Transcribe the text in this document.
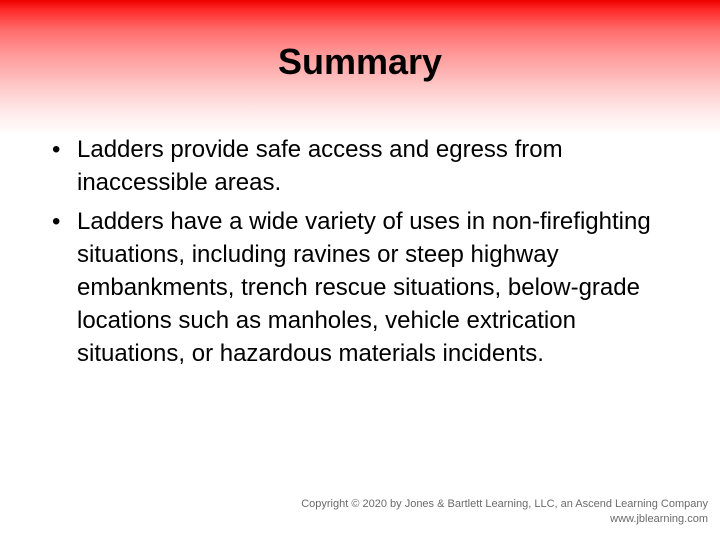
Summary
• Ladders provide safe access and egress from inaccessible areas.
• Ladders have a wide variety of uses in non-firefighting situations, including ravines or steep highway embankments, trench rescue situations, below-grade locations such as manholes, vehicle extrication situations, or hazardous materials incidents.
Copyright © 2020 by Jones & Bartlett Learning, LLC, an Ascend Learning Company
www.jblearning.com
